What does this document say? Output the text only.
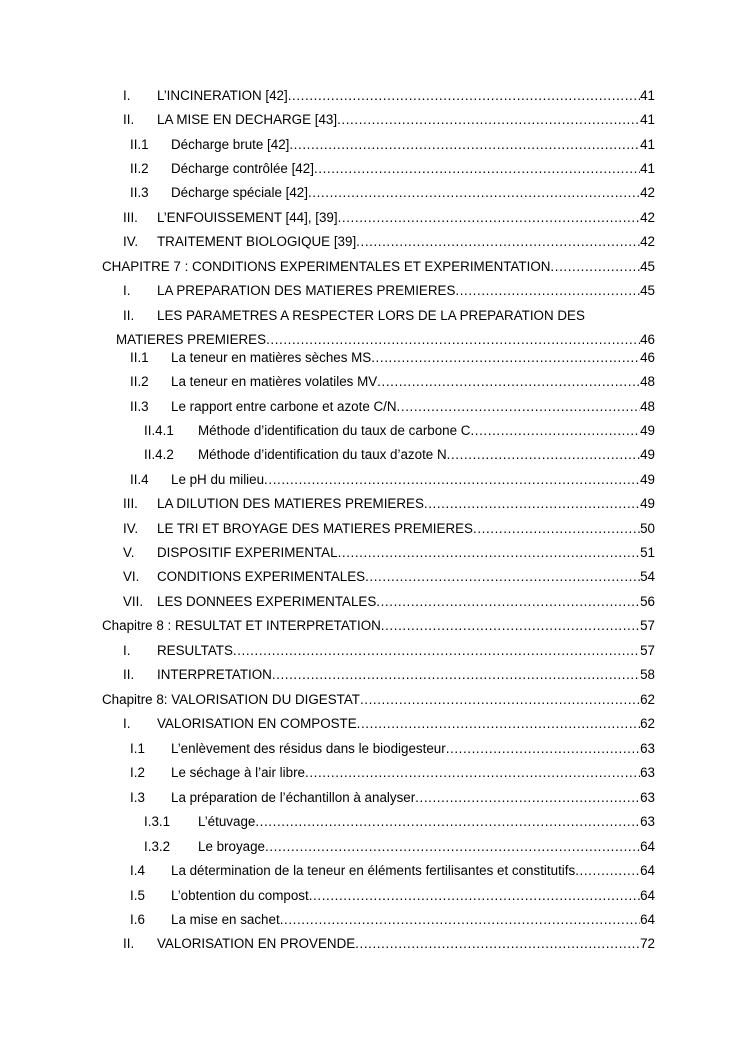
I. L’INCINERATION [42] .....	41
II. LA MISE EN DECHARGE [43] .....	41
II.1 Décharge brute [42] .....	41
II.2 Décharge contrôlée [42] .....	41
II.3 Décharge spéciale [42] .....	42
III. L’ENFOUISSEMENT [44], [39] .....	42
IV. TRAITEMENT BIOLOGIQUE [39] .....	42
CHAPITRE 7 : CONDITIONS EXPERIMENTALES ET EXPERIMENTATION .....	45
I. LA PREPARATION DES MATIERES PREMIERES .....	45
II. LES PARAMETRES A RESPECTER LORS DE LA PREPARATION DES
MATIERES PREMIERES .....	46
II.1 La teneur en matières sèches MS .....	46
II.2 La teneur en matières volatiles MV .....	48
II.3 Le rapport entre carbone et azote C/N .....	48
II.4.1 Méthode d’identification du taux de carbone C .....	49
II.4.2 Méthode d’identification du taux d’azote N .....	49
II.4 Le pH du milieu .....	49
III. LA DILUTION DES MATIERES PREMIERES .....	49
IV. LE TRI ET BROYAGE DES MATIERES PREMIERES .....	50
V. DISPOSITIF EXPERIMENTAL .....	51
VI. CONDITIONS EXPERIMENTALES .....	54
VII. LES DONNEES EXPERIMENTALES .....	56
Chapitre 8 : RESULTAT ET INTERPRETATION .....	57
I. RESULTATS .....	57
II. INTERPRETATION .....	58
Chapitre 8: VALORISATION DU DIGESTAT .....	62
I. VALORISATION EN COMPOSTE .....	62
I.1 L’enlèvement des résidus dans le biodigesteur .....	63
I.2 Le séchage à l’air libre .....	63
I.3 La préparation de l’échantillon à analyser .....	63
I.3.1 L’étuvage .....	63
I.3.2 Le broyage .....	64
I.4 La détermination de la teneur en éléments fertilisantes et constitutifs .....	64
I.5 L’obtention du compost .....	64
I.6 La mise en sachet .....	64
II. VALORISATION EN PROVENDE .....	72
